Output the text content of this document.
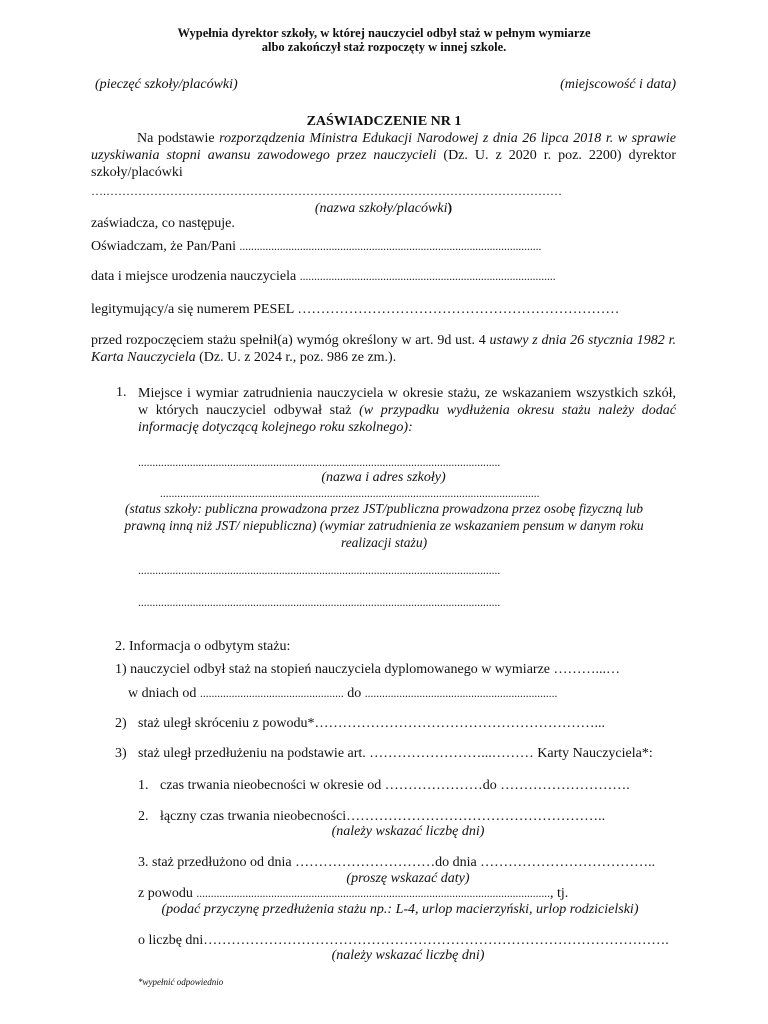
Wypełnia dyrektor szkoły, w której nauczyciel odbył staż w pełnym wymiarze
albo zakończył staż rozpoczęty w innej szkole.
(pieczęć szkoły/placówki)	(miejscowość i data)
ZAŚWIADCZENIE NR 1
Na podstawie rozporządzenia Ministra Edukacji Narodowej z dnia 26 lipca 2018 r. w sprawie uzyskiwania stopni awansu zawodowego przez nauczycieli (Dz. U. z 2020 r. poz. 2200) dyrektor szkoły/placówki
….……………………………………………………………………………………………………
(nazwa szkoły/placówki)
zaświadcza, co następuje.
Oświadczam, że Pan/Pani .........................................................................................................
data i miejsce urodzenia nauczyciela .........................................................................................
legitymujący/a się numerem PESEL ……………………………………………………………
przed rozpoczęciem stażu spełnił(a) wymóg określony w art. 9d ust. 4 ustawy z dnia 26 stycznia 1982 r. Karta Nauczyciela (Dz. U. z 2024 r., poz. 986 ze zm.).
1. Miejsce i wymiar zatrudnienia nauczyciela w okresie stażu, ze wskazaniem wszystkich szkół, w których nauczyciel odbywał staż (w przypadku wydłużenia okresu stażu należy dodać informację dotyczącą kolejnego roku szkolnego):
..............................................................................................................................
(nazwa i adres szkoły)
....................................................................................................................................
(status szkoły: publiczna prowadzona przez JST/publiczna prowadzona przez osobę fizyczną lub prawną inną niż JST/ niepubliczna) (wymiar zatrudnienia ze wskazaniem pensum w danym roku realizacji stażu)
..............................................................................................................................
..............................................................................................................................
2. Informacja o odbytym stażu:
1) nauczyciel odbył staż na stopień nauczyciela dyplomowanego w wymiarze ………...…
w dniach od .................................................. do ...................................................................
2) staż uległ skróceniu z powodu*……………………………………………………...
3) staż uległ przedłużeniu na podstawie art. ……………………...……… Karty Nauczyciela*:
1. czas trwania nieobecności w okresie od …………………do ……………………….
2. łączny czas trwania nieobecności………………………………………………..
(należy wskazać liczbę dni)
3. staż przedłużono od dnia …………………………do dnia ………………………………..
(proszę wskazać daty)
z powodu ..........................................................................................................................., tj.
(podać przyczynę przedłużenia stażu np.: L-4, urlop macierzyński, urlop rodzicielski)
o liczbę dni……………………………………………………………………………………….
(należy wskazać liczbę dni)
*wypełnić odpowiednio
